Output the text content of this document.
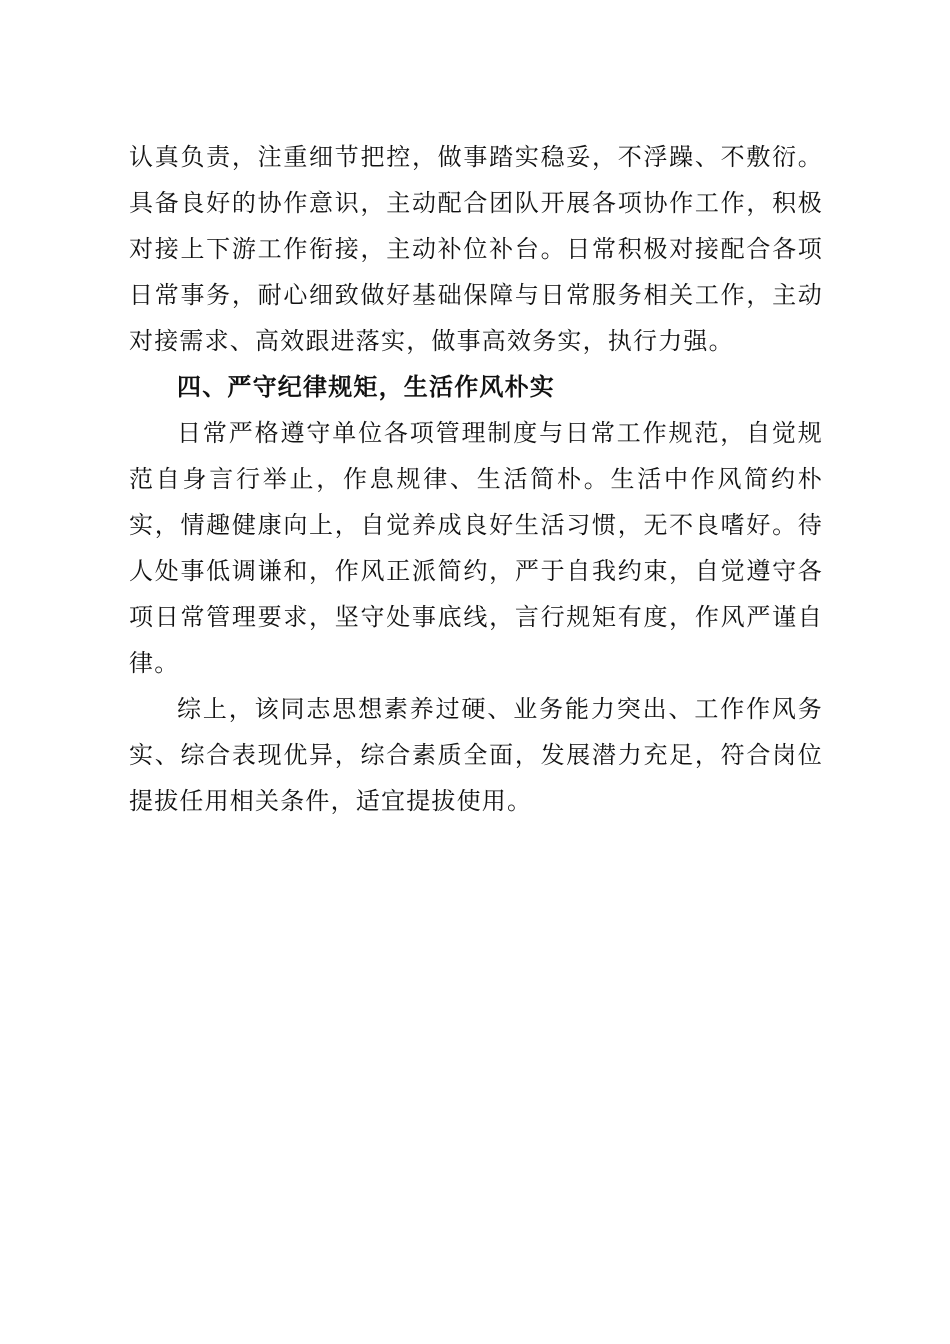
认真负责，注重细节把控，做事踏实稳妥，不浮躁、不敷衍。具备良好的协作意识，主动配合团队开展各项协作工作，积极对接上下游工作衔接，主动补位补台。日常积极对接配合各项日常事务，耐心细致做好基础保障与日常服务相关工作，主动对接需求、高效跟进落实，做事高效务实，执行力强。

四、严守纪律规矩，生活作风朴实

日常严格遵守单位各项管理制度与日常工作规范，自觉规范自身言行举止，作息规律、生活简朴。生活中作风简约朴实，情趣健康向上，自觉养成良好生活习惯，无不良嗜好。待人处事低调谦和，作风正派简约，严于自我约束，自觉遵守各项日常管理要求，坚守处事底线，言行规矩有度，作风严谨自律。

综上，该同志思想素养过硬、业务能力突出、工作作风务实、综合表现优异，综合素质全面，发展潜力充足，符合岗位提拔任用相关条件，适宜提拔使用。
